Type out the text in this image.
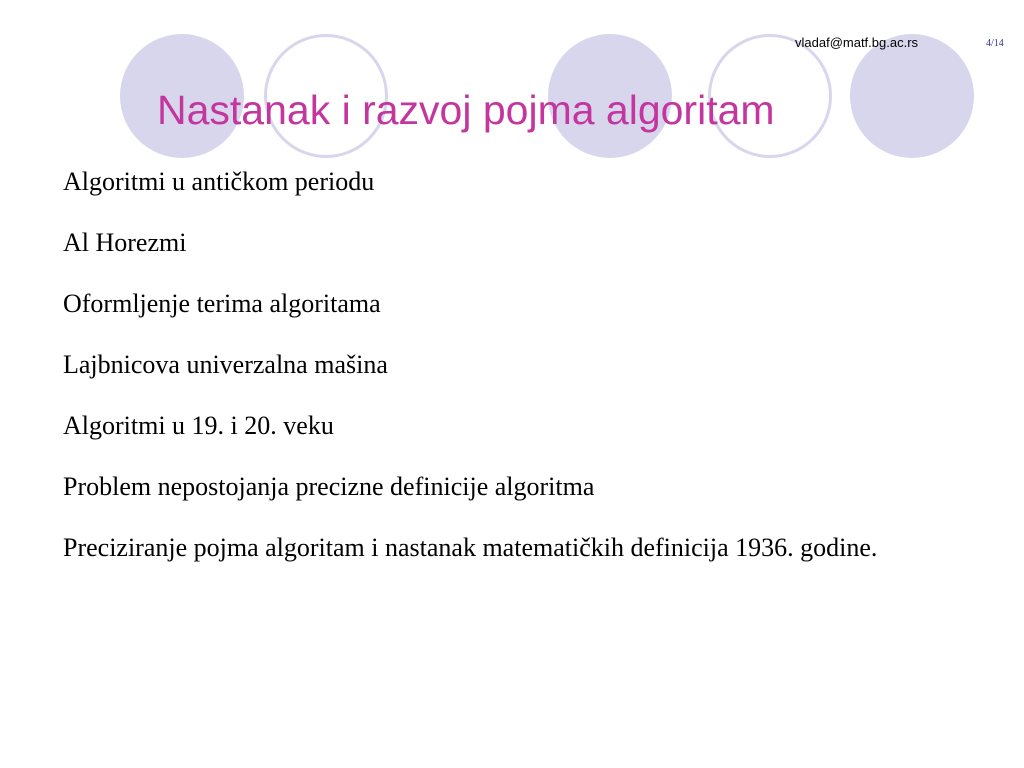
vladaf@matf.bg.ac.rs	4/14
Nastanak i razvoj pojma algoritam
Algoritmi u antičkom periodu
Al Horezmi
Oformljenje terima algoritama
Lajbnicova univerzalna mašina
Algoritmi u 19. i 20. veku
Problem nepostojanja precizne definicije algoritma
Preciziranje pojma algoritam i nastanak matematičkih definicija 1936. godine.
